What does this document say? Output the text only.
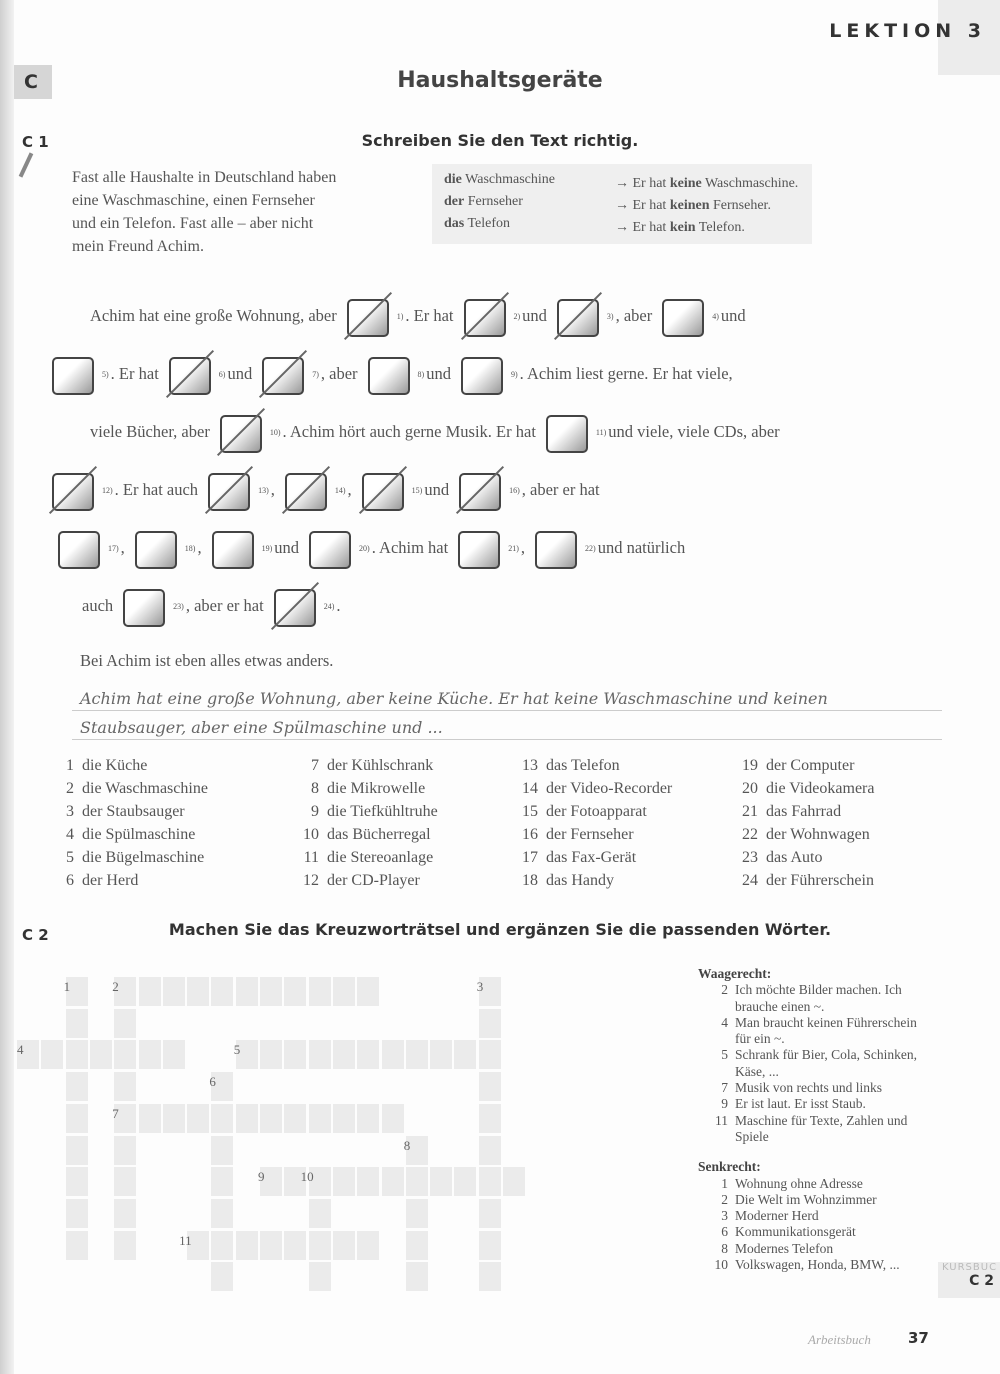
LEKTION 3
C	Haushaltsgeräte
C 1	Schreiben Sie den Text richtig.
Fast alle Haushalte in Deutschland haben
eine Waschmaschine, einen Fernseher
und ein Telefon. Fast alle – aber nicht
mein Freund Achim.
die Waschmaschine	→ Er hat keine Waschmaschine.
der Fernseher	→ Er hat keinen Fernseher.
das Telefon	→ Er hat kein Telefon.
Achim hat eine große Wohnung, aber	1) . Er hat	2) und	3) , aber	4) und
5) . Er hat	6) und	7) , aber	8) und	9) . Achim liest gerne. Er hat viele,
viele Bücher, aber	10) . Achim hört auch gerne Musik. Er hat	11) und viele, viele CDs, aber
12) . Er hat auch	13) ,	14) ,	15) und	16) , aber er hat
17) ,	18) ,	19) und	20) . Achim hat	21) ,	22) und natürlich
auch	23) , aber er hat	24) .
Bei Achim ist eben alles etwas anders.
Achim hat eine große Wohnung, aber keine Küche. Er hat keine Waschmaschine und keinen
Staubsauger, aber eine Spülmaschine und ...
1 die Küche
2 die Waschmaschine
3 der Staubsauger
4 die Spülmaschine
5 die Bügelmaschine
6 der Herd
7 der Kühlschrank
8 die Mikrowelle
9 die Tiefkühltruhe
10 das Bücherregal
11 die Stereoanlage
12 der CD-Player
13 das Telefon
14 der Video-Recorder
15 der Fotoapparat
16 der Fernseher
17 das Fax-Gerät
18 das Handy
19 der Computer
20 die Videokamera
21 das Fahrrad
22 der Wohnwagen
23 das Auto
24 der Führerschein
C 2	Machen Sie das Kreuzworträtsel und ergänzen Sie die passenden Wörter.
1	2	3
4	5
6
7
8
9	10
11
Waagerecht:
2 Ich möchte Bilder machen. Ich brauche einen ~.
4 Man braucht keinen Führerschein für ein ~.
5 Schrank für Bier, Cola, Schinken, Käse, ...
7 Musik von rechts und links
9 Er ist laut. Er isst Staub.
11 Maschine für Texte, Zahlen und Spiele
Senkrecht:
1 Wohnung ohne Adresse
2 Die Welt im Wohnzimmer
3 Moderner Herd
6 Kommunikationsgerät
8 Modernes Telefon
10 Volkswagen, Honda, BMW, ...	KURSBUC
C 2
Arbeitsbuch 37
